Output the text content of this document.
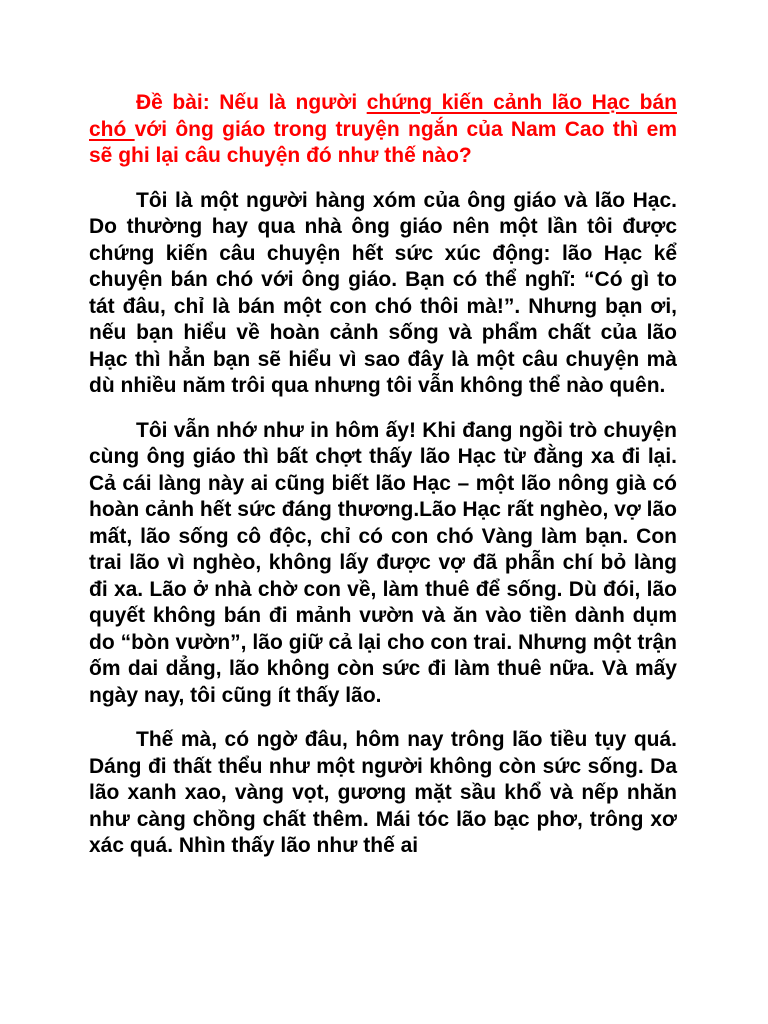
Đề bài: Nếu là người chứng kiến cảnh lão Hạc bán chó với ông giáo trong truyện ngắn của Nam Cao thì em sẽ ghi lại câu chuyện đó như thế nào?

Tôi là một người hàng xóm của ông giáo và lão Hạc. Do thường hay qua nhà ông giáo nên một lần tôi được chứng kiến câu chuyện hết sức xúc động: lão Hạc kể chuyện bán chó với ông giáo. Bạn có thể nghĩ: “Có gì to tát đâu, chỉ là bán một con chó thôi mà!”. Nhưng bạn ơi, nếu bạn hiểu về hoàn cảnh sống và phẩm chất của lão Hạc thì hẳn bạn sẽ hiểu vì sao đây là một câu chuyện mà dù nhiều năm trôi qua nhưng tôi vẫn không thể nào quên.

Tôi vẫn nhớ như in hôm ấy! Khi đang ngồi trò chuyện cùng ông giáo thì bất chợt thấy lão Hạc từ đằng xa đi lại. Cả cái làng này ai cũng biết lão Hạc – một lão nông già có hoàn cảnh hết sức đáng thương.Lão Hạc rất nghèo, vợ lão mất, lão sống cô độc, chỉ có con chó Vàng làm bạn. Con trai lão vì nghèo, không lấy được vợ đã phẫn chí bỏ làng đi xa. Lão ở nhà chờ con về, làm thuê để sống. Dù đói, lão quyết không bán đi mảnh vườn và ăn vào tiền dành dụm do “bòn vườn”, lão giữ cả lại cho con trai. Nhưng một trận ốm dai dẳng, lão không còn sức đi làm thuê nữa. Và mấy ngày nay, tôi cũng ít thấy lão.

Thế mà, có ngờ đâu, hôm nay trông lão tiều tụy quá. Dáng đi thất thểu như một người không còn sức sống. Da lão xanh xao, vàng vọt, gương mặt sầu khổ và nếp nhăn như càng chồng chất thêm. Mái tóc lão bạc phơ, trông xơ xác quá. Nhìn thấy lão như thế ai
